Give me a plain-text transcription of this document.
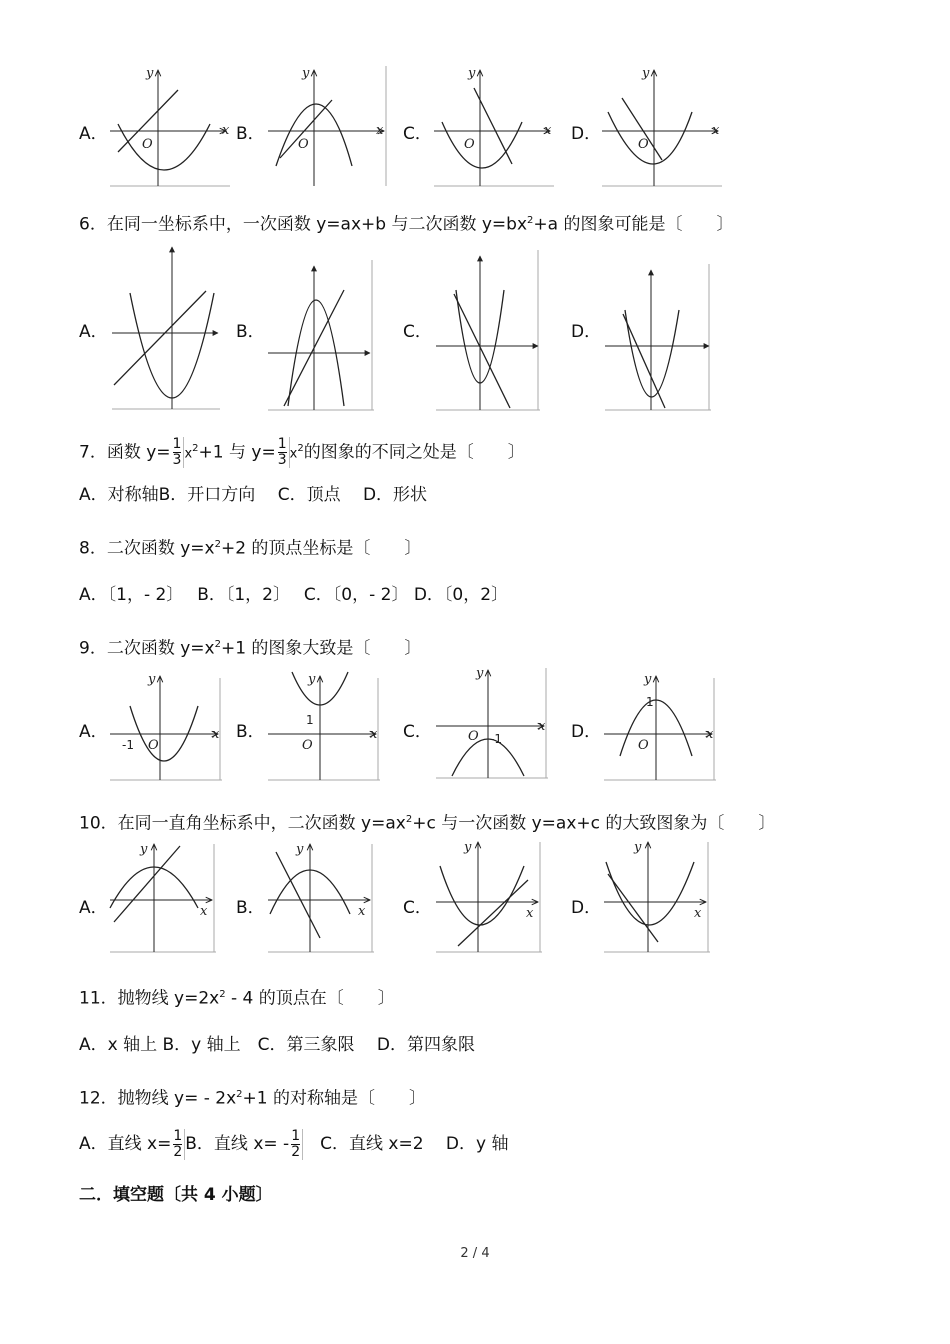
A．
y
x
O
B．
y
x
O
C．
y
x
O
D．
y
x
O
6．在同一坐标系中，一次函数 y=ax+b 与二次函数 $y=bx^2+a$ 的图象可能是〔　　〕
A．	B．	C．	D．
7．函数 $y= \frac{1}{3} x^2+1$ 与 $y= \frac{1}{3} x^2$的图象的不同之处是〔　　〕
A．对称轴B．开口方向　 C．顶点　 D．形状
8．二次函数 $y=x^2+2$ 的顶点坐标是〔　　〕
A．〔1，- 2〕　 B．〔1，2〕　 C．〔0，- 2〕 D．〔0，2〕
9．二次函数 $y=x^2+1$ 的图象大致是〔　　〕
A．
y
x
O
-1
B．
y
x
O
1
C．
y
x
O -1	D．
y
x
O
1
10．在同一直角坐标系中，二次函数 $y=ax^2+c$ 与一次函数 y=ax+c 的大致图象为〔　　〕
A．
y
x B．
y
x C．
y
x D．
y
x
11．抛物线 $y=2x^2 - 4$ 的顶点在〔　　〕
A．x 轴上 B．y 轴上　C．第三象限　 D．第四象限
12．抛物线 $y= - 2x^2+1$ 的对称轴是〔　　〕
A．直线 $x= \frac{1}{2}$ B．直线 $x= - \frac{1}{2}$ 　C．直线 x=2　 D．y 轴
二．填空题〔共 4 小题〕
2 / 4
